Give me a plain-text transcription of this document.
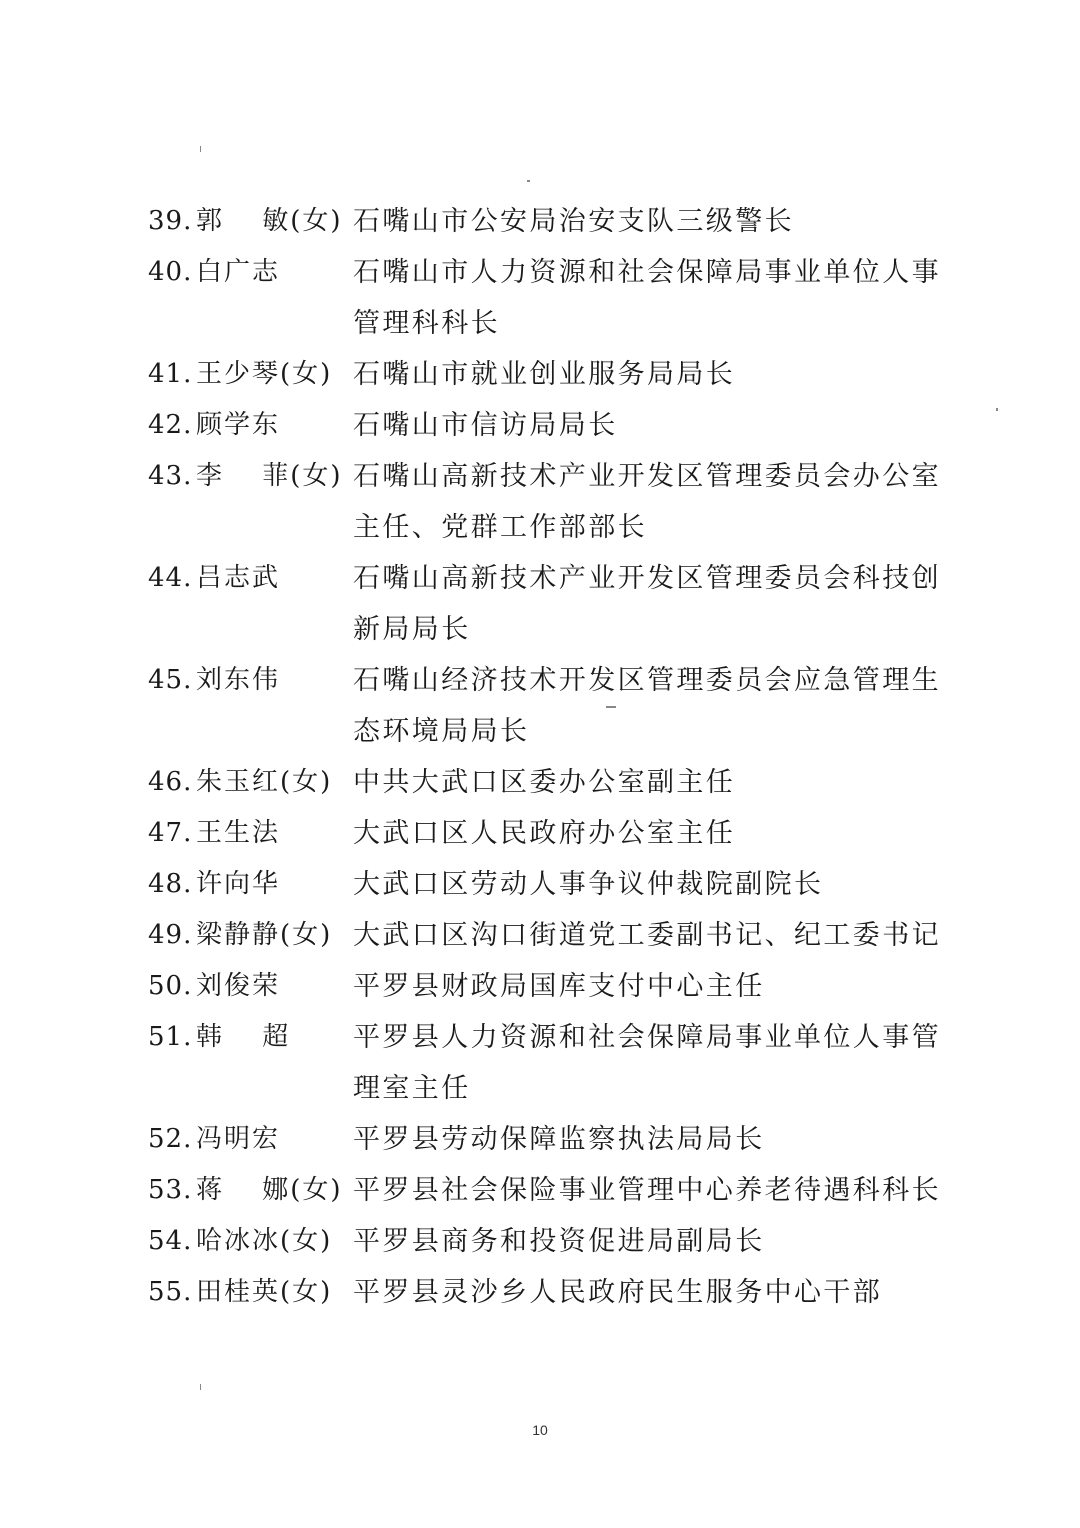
39. 郭　 敏(女) 石嘴山市公安局治安支队三级警长
40. 白广志	石嘴山市人力资源和社会保障局事业单位人事管理科科长
41. 王少琴(女) 石嘴山市就业创业服务局局长
42. 顾学东	石嘴山市信访局局长
43. 李　 菲(女) 石嘴山高新技术产业开发区管理委员会办公室主任、党群工作部部长
44. 吕志武	石嘴山高新技术产业开发区管理委员会科技创新局局长
45. 刘东伟	石嘴山经济技术开发区管理委员会应急管理生态环境局局长
46. 朱玉红(女) 中共大武口区委办公室副主任
47. 王生法	大武口区人民政府办公室主任
48. 许向华	大武口区劳动人事争议仲裁院副院长
49. 梁静静(女) 大武口区沟口街道党工委副书记、纪工委书记
50. 刘俊荣	平罗县财政局国库支付中心主任
51. 韩　 超	平罗县人力资源和社会保障局事业单位人事管理室主任
52. 冯明宏	平罗县劳动保障监察执法局局长
53. 蒋　 娜(女) 平罗县社会保险事业管理中心养老待遇科科长
54. 哈冰冰(女) 平罗县商务和投资促进局副局长
55. 田桂英(女) 平罗县灵沙乡人民政府民生服务中心干部
10
